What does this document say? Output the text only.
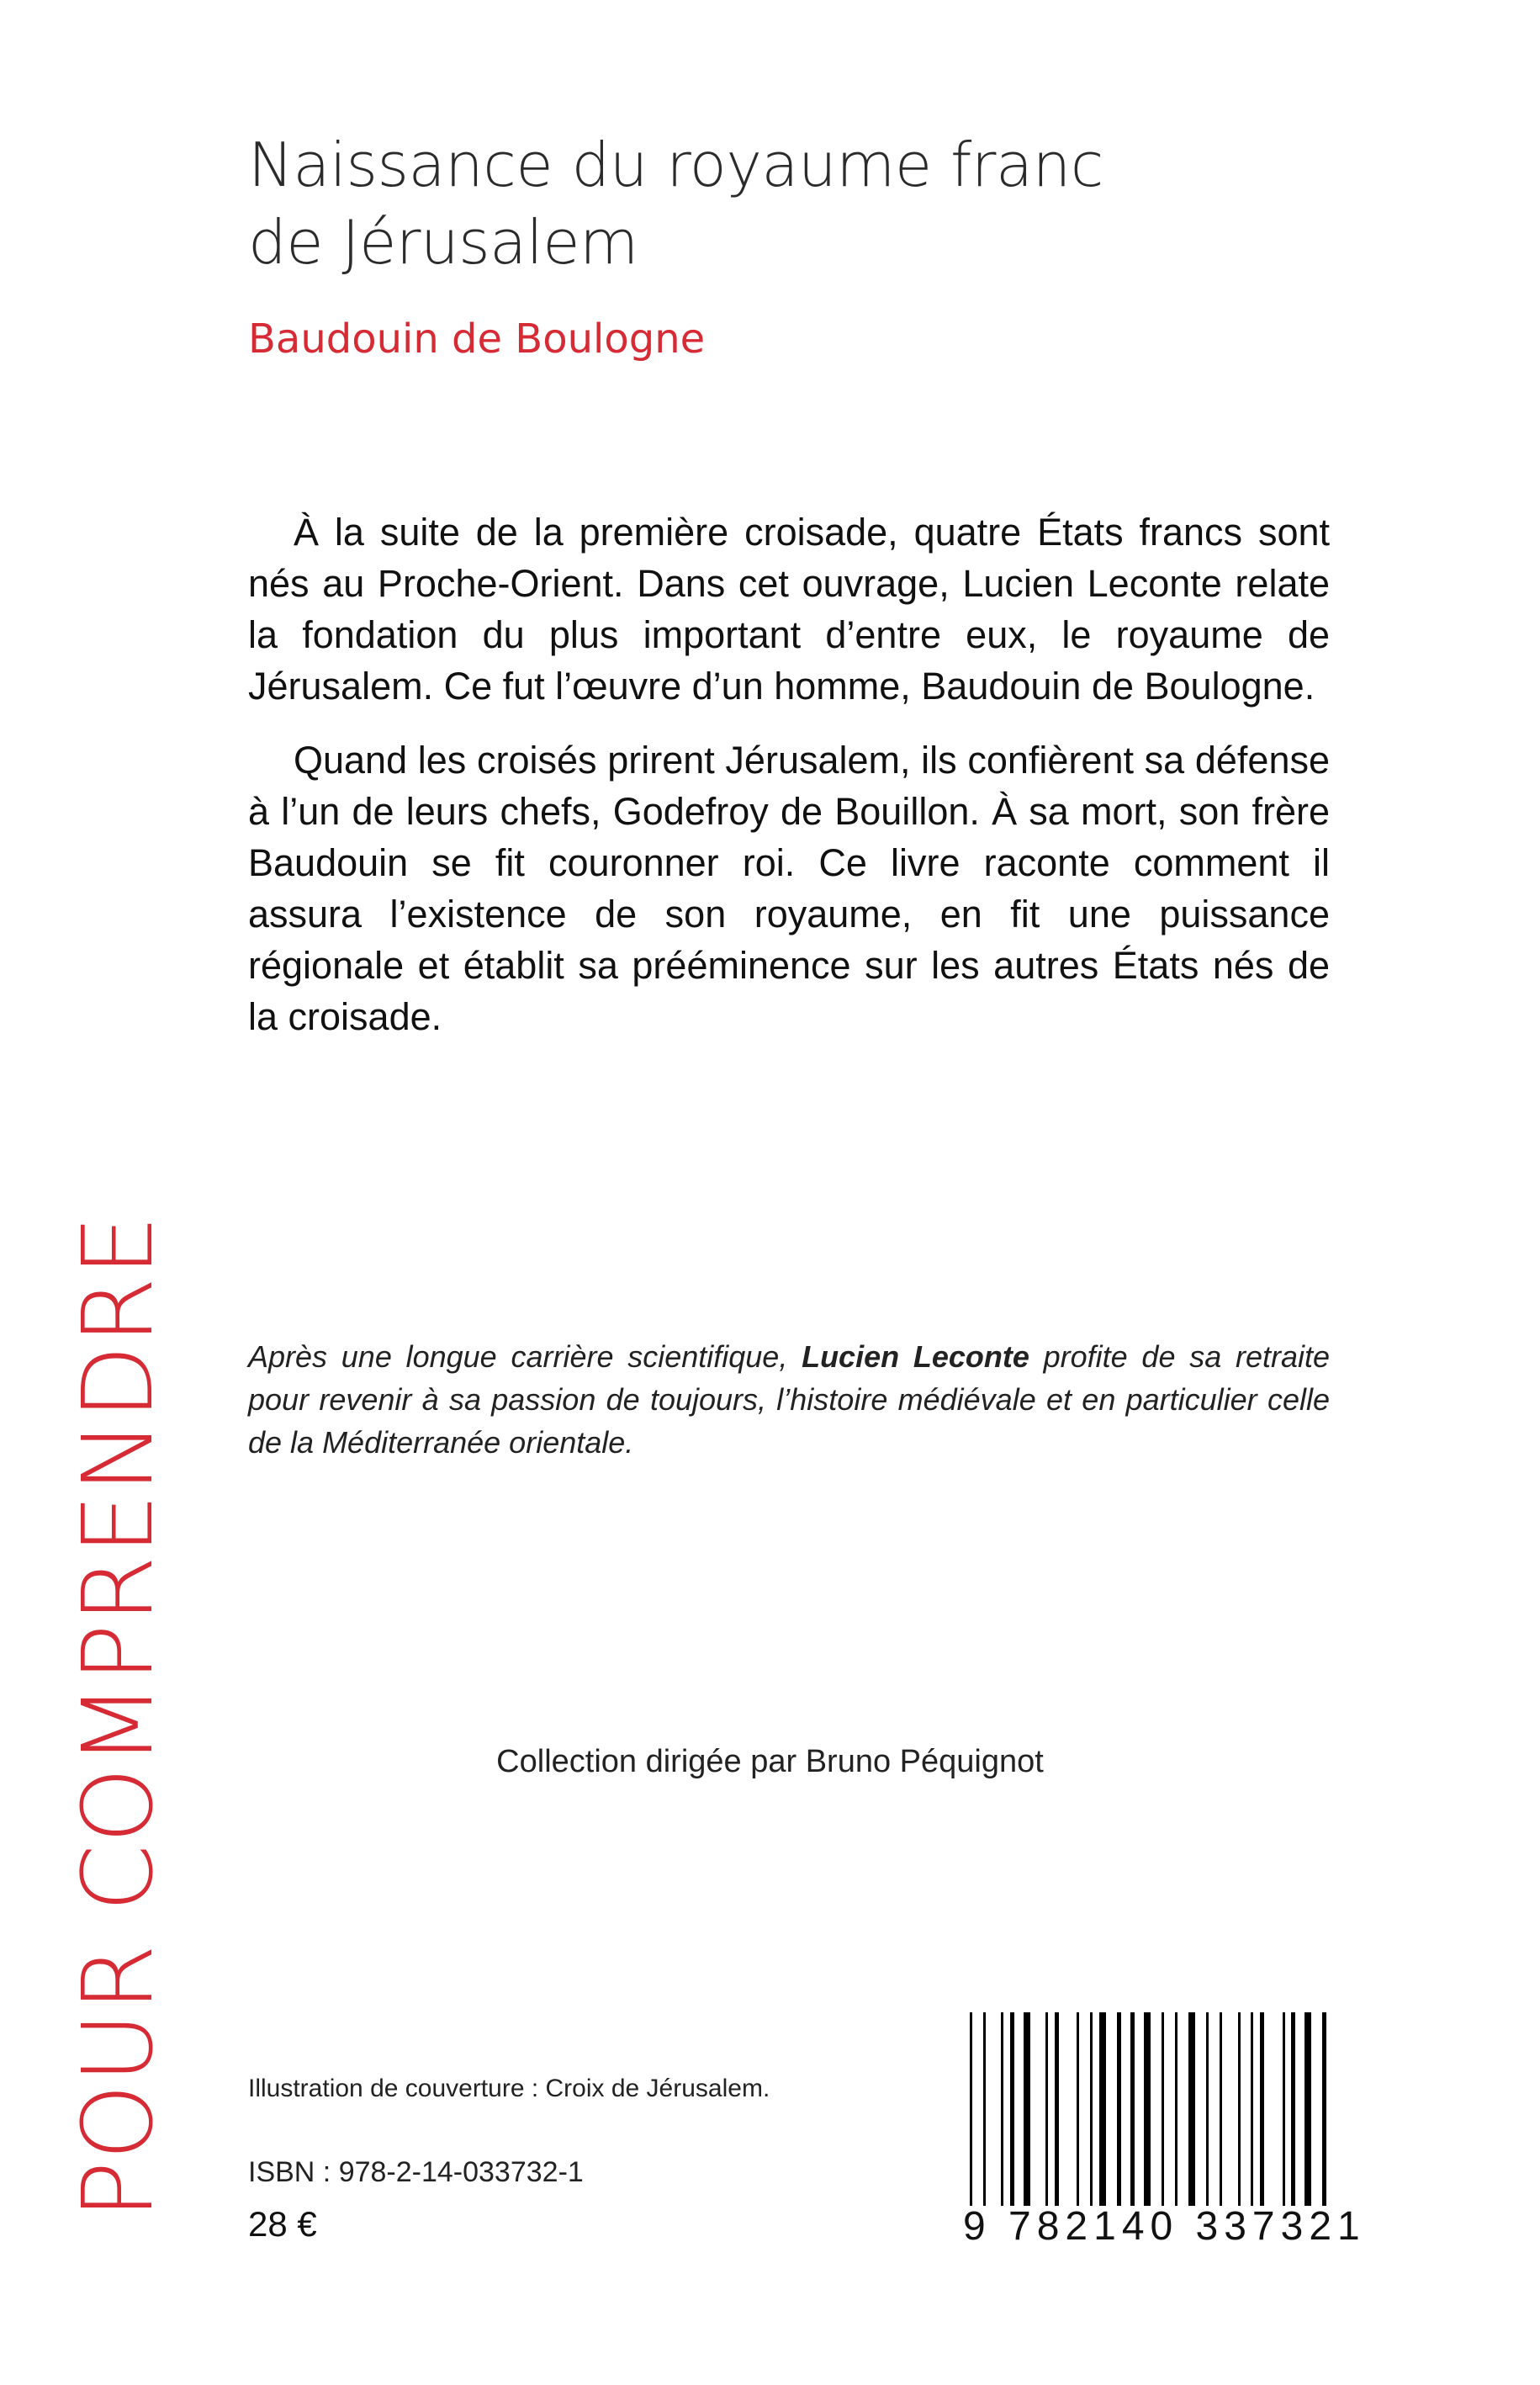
Naissance du royaume franc
de Jérusalem
Baudouin de Boulogne

À la suite de la première croisade, quatre États francs sont nés au Proche-Orient. Dans cet ouvrage, Lucien Leconte relate la fondation du plus important d’entre eux, le royaume de Jérusalem. Ce fut l’œuvre d’un homme, Baudouin de Boulogne.

Quand les croisés prirent Jérusalem, ils confièrent sa défense à l’un de leurs chefs, Godefroy de Bouillon. À sa mort, son frère Baudouin se fit couronner roi. Ce livre raconte comment il assura l’existence de son royaume, en fit une puissance régionale et établit sa prééminence sur les autres États nés de la croisade.

Après une longue carrière scientifique, Lucien Leconte profite de sa retraite pour revenir à sa passion de toujours, l’histoire médiévale et en particulier celle de la Méditerranée orientale.
Collection dirigée par Bruno Péquignot
POUR COMPRENDRE	Illustration de couverture : Croix de Jérusalem.
ISBN : 978-2-14-033732-1
28 €	9 782140 337321
